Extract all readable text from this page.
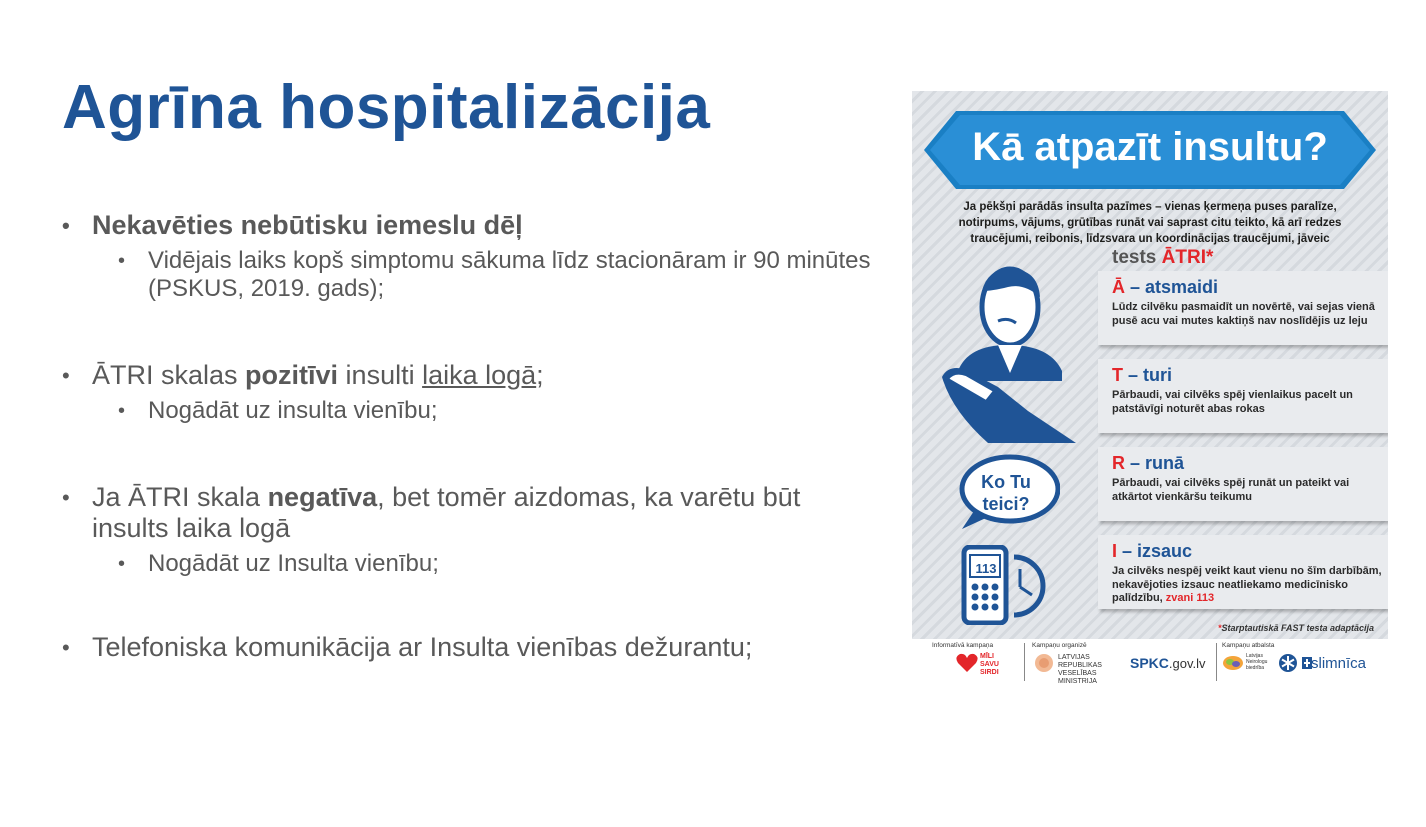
Agrīna hospitalizācija
• Nekavēties nebūtisku iemeslu dēļ
• Vidējais laiks kopš simptomu sākuma līdz stacionāram ir 90 minūtes (PSKUS, 2019. gads);
• ĀTRI skalas pozitīvi insulti laika logā;
• Nogādāt uz insulta vienību;
• Ja ĀTRI skala negatīva, bet tomēr aizdomas, ka varētu būt insults laika logā
• Nogādāt uz Insulta vienību;
• Telefoniska komunikācija ar Insulta vienības dežurantu;
Kā atpazīt insultu?
Ja pēkšņi parādās insulta pazīmes – vienas ķermeņa puses paralīze, notirpums, vājums, grūtības runāt vai saprast citu teikto, kā arī redzes traucējumi, reibonis, līdzsvara un koordinācijas traucējumi, jāveic
tests ĀTRI*
Ko Tu teici?
113
Ā – atsmaidi
Lūdz cilvēku pasmaidīt un novērtē, vai sejas vienā pusē acu vai mutes kaktiņš nav noslīdējis uz leju
T – turi
Pārbaudi, vai cilvēks spēj vienlaikus pacelt un patstāvīgi noturēt abas rokas
R – runā
Pārbaudi, vai cilvēks spēj runāt un pateikt vai atkārtot vienkāršu teikumu
I – izsauc
Ja cilvēks nespēj veikt kaut vienu no šīm darbībām, nekavējoties izsauc neatliekamo medicīnisko palīdzību, zvani 113
*Starptautiskā FAST testa adaptācija
Informatīvā kampaņa	Kampaņu organizē	Kampaņu atbalsta
MĪLI SAVU SIRDI
LATVIJAS REPUBLIKAS VESELĪBAS MINISTRIJA
SPKC.gov.lv	Latvijas Neirologu biedrība	slimnīca
